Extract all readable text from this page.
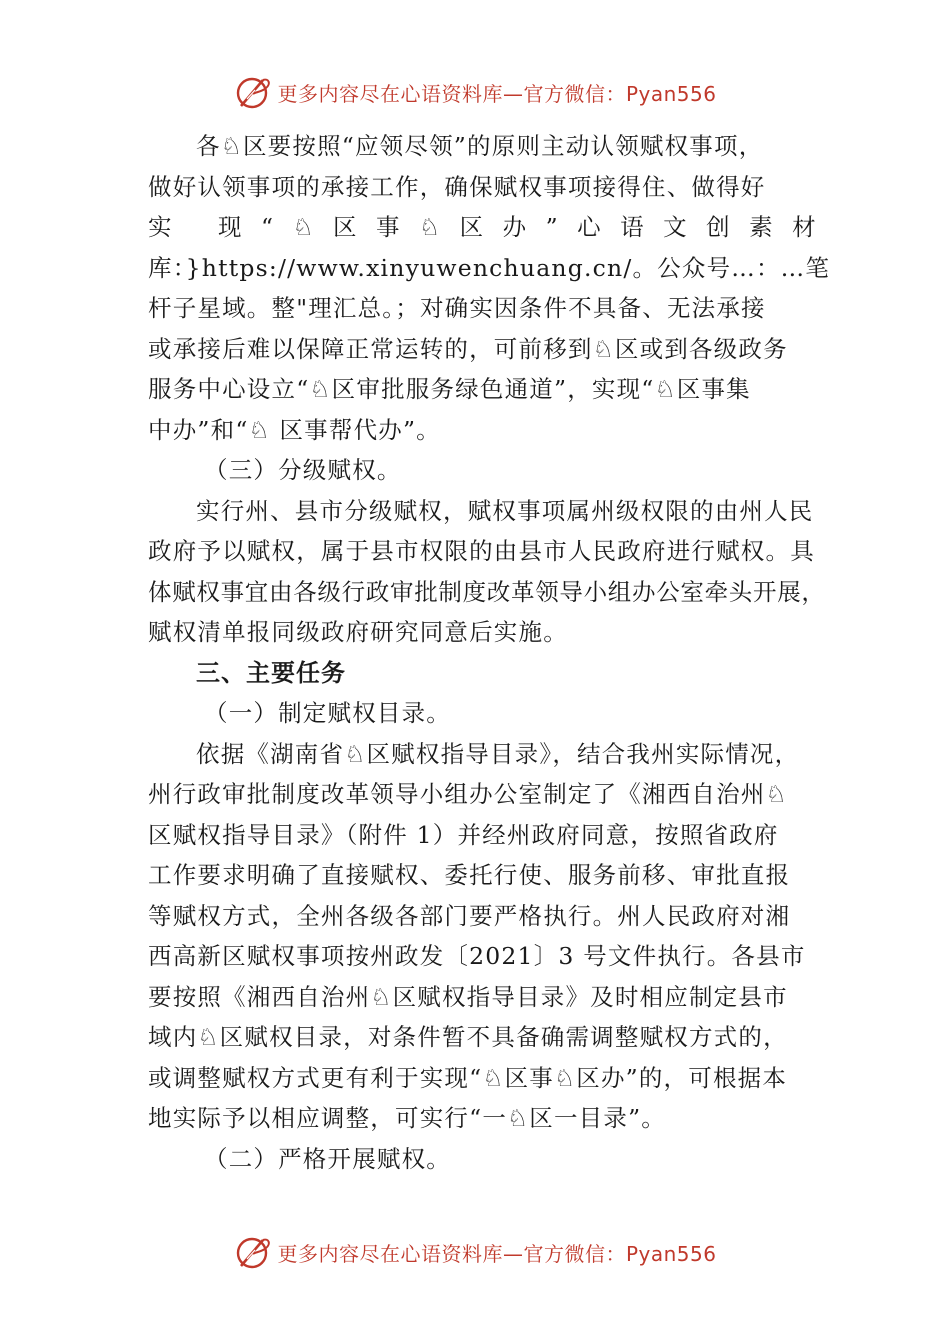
更多内容尽在心语资料库—官方微信：Pyan556

各♘区要按照“应领尽领”的原则主动认领赋权事项，
做好认领事项的承接工作，确保赋权事项接得住、做得好
实 现“♘区事♘区办”心语文创素材
库：}https://www.xinyuwenchuang.cn/。公众号…：…笔
杆子星域。整"理汇总。；对确实因条件不具备、无法承接
或承接后难以保障正常运转的，可前移到♘区或到各级政务
服务中心设立“♘区审批服务绿色通道”，实现“♘区事集
中办”和“♘ 区事帮代办”。

（三）分级赋权。

实行州、县市分级赋权，赋权事项属州级权限的由州人民
政府予以赋权，属于县市权限的由县市人民政府进行赋权。具
体赋权事宜由各级行政审批制度改革领导小组办公室牵头开展，
赋权清单报同级政府研究同意后实施。

三、主要任务

（一）制定赋权目录。

依据《湖南省♘区赋权指导目录》，结合我州实际情况，
州行政审批制度改革领导小组办公室制定了《湘西自治州♘
区赋权指导目录》（附件 1）并经州政府同意，按照省政府
工作要求明确了直接赋权、委托行使、服务前移、审批直报
等赋权方式，全州各级各部门要严格执行。州人民政府对湘
西高新区赋权事项按州政发〔2021〕3 号文件执行。各县市
要按照《湘西自治州♘区赋权指导目录》及时相应制定县市
域内♘区赋权目录，对条件暂不具备确需调整赋权方式的，
或调整赋权方式更有利于实现“♘区事♘区办”的，可根据本
地实际予以相应调整，可实行“一♘区一目录”。

（二）严格开展赋权。

更多内容尽在心语资料库—官方微信：Pyan556
